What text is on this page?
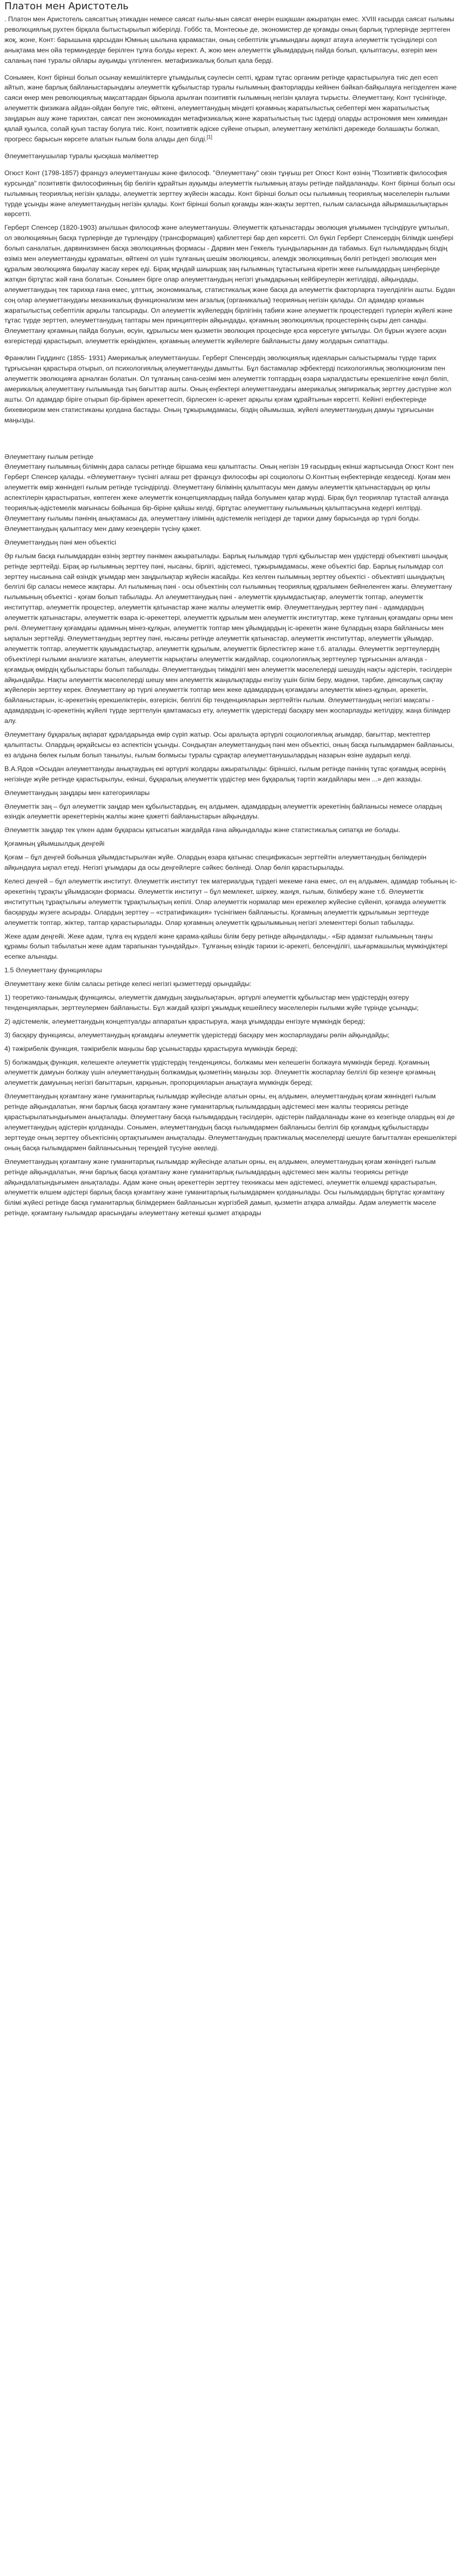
Платон мен Аристотель

. Платон мен Аристотель саясаттың этикадан немесе саясат ғылы-мын саясат өнерін ешқашан ажыратқан емес. XVIII ғасырда саясат ғылымы революциялық рухтен бірқала бытыстырылып жіберілді. Гоббс та, Монтескье де, экономистер де қоғамды оның барлық түрлерінде зерттеген жоқ, жоне, Конт: барышына қарсыдан Юмның шылына қарамастан, оның себептілік ұғымындағы ақиқат атауға әлеуметтік түсінділері сол анықтама мен ойа терминдерде берілген тұлға болды керект. А, жою мен әлеуметтік ұйымдардың пайда болып, қалыптасуы, өзгеріп мен саланың пәні туралы ойлары ауқымды үлгіленген. метафизикалық болып қала берді.

Сонымен, Конт бірінші болып осынау кемшіліктерге ұтымдылық сәулесін септі, құрам тұтас органим ретінде қарастырылуға тиіс деп есеп айтып, және барлық байланыстарындағы әлеуметтік құбылыстар туралы ғылымның факторларды кейінен бәйкап-байқылауға негізделген және саяси өнер мен революциялық мақсаттардан бірыола арылған позитивтік ғылымның негізін қалауға тырысты. Әлеуметтану, Конт түсінігінде, әлеуметтік физикаға айдан-ойдан бөлуге тиіс, өйткені, әлеуметтанудың міндеті қоғамның жаратылыстық себептері мен жаратылыстық заңдарын ашу және тарихтан, саясат пен экономикадан метафизикалық және жаратылыстың тыс іздерді оларды астрономия мен химиядан қалай қуылса, солай қуып тастау болуға тиіс. Конт, позитивтік әдіске сүйене отырып, әлеуметтану жеткілікті дәрежеде болашақты болжап, прогресс барысын көрсете алатын ғылым бола алады деп білді.[1]

Әлеуметтанушылар туралы қысқаша мәліметтер

Огюст Конт (1798-1857) француз әлеуметтанушы және философ. "Әлеуметтану" сөзін тұңғыш рет Огюст Конт өзінің "Позитивтік философия курсында" позитивтік философияның бір бөлігін құрайтын ауқымды әлеуметтік ғылымның атауы ретінде пайдаланады. Конт бірінші болып осы ғылымның теориялық негізін қалады, әлеуметтік зерттеу жүйесін жасады. Конт бірінші болып осы ғылымның теориялық мәселелерін ғылыми түрде ұсынды және әлеуметтанудың негізін қалады. Конт бірінші болып қоғамды жан-жақты зерттеп, ғылым саласында айырмашылықтарын көрсетті.

Герберт Спенсер (1820-1903) ағылшын философ және әлеуметтанушы. Әлеуметтік қатынастарды эволюция ұғымымен түсіндіруге ұмтылып, ол эволюцияның басқа түрлерінде де түрлендіру (трансформация) қабілеттері бар деп көрсетті. Ол бүкіл Герберт Спенсердің білімдік шеңбері болып саналатын, дарвинизмнен басқа эволюцияның формасы - Дарвин мен Геккель туындыларынан да табамыз. Бұл ғылымдардың біздің өзіміз мен әлеуметтануды құраматын, өйткені ол үшін тұлғаның шешім эволюциясы, әлемдік эволюцияның бөлігі ретіндегі эволюция мен құралым эволюцияға бақылау жасау керек еді. Бірақ мұндай шиыршақ заң ғылымның тұтастығына кіретін жеке ғылымдардың шеңберінде жатқан біртұтас жәй ғана болатын. Сонымен бірге олар әлеуметтанудың негізгі ұғымдарының кейбіреулерін жетілдірді, айқындады, әлеуметтанудың тек тарихқа ғана емес, ұлттық, экономикалық, статистикалық және басқа да әлеуметтік факторларға тәуелділігін ашты. Бұдан соң олар әлеуметтанудағы механикалық функционализм мен ағзалық (органикалық) теорияның негізін қалады. Ол адамдар қоғамын жаратылыстық себептілік арқылы тапсырады. Ол әлеуметтік жүйелердің бірлігінің табиғи және әлеуметтік процестердегі түрлерін жүйелі және тұтас түрде зерттеп, әлеуметтанудың таптары мен принциптерін айқындады, қоғамның эволюциялық процестерінің сыры деп санады.

Әлеуметтану қоғамның пайда болуын, өсуін, құрылысы мен қызметін эволюция процесінде қоса көрсетуге ұмтылды. Ол бұрын жүзеге асқан өзгерістерді қарастырып, әлеуметтік еркіндікпен, қоғамның әлеуметтік жүйелерге байланысты даму жолдарын сипаттады.

Франклин Гиддингс (1855- 1931) Америкалық әлеуметтанушы. Герберт Спенсердің эволюциялық идеяларын салыстырмалы түрде тарих тұрғысынан қарастыра отырып, ол психологиялық әлеуметтануды дамытты. Бұл бастамалар эфбектерді психологиялық эволюционизм пен әлеуметтік эволюцияға арналған болатын. Ол тұлғаның сана-сезімі мен әлеуметтік топтардың өзара ықпалдастығы ерекшелігіне көңіл бөліп, америкалық әлеуметтану ғылымында тың бағыттар ашты. Оның еңбектері әлеуметтанудағы америкалық эмпирикалық зерттеу дәстүріне жол ашты. Ол адамдар біріге отырып бір-бірімен әрекеттесіп, бірлескен іс-әрекет арқылы қоғам құрайтынын көрсетті. Кейінгі еңбектерінде бихевиоризм мен статистиканы қолдана бастады. Оның тұжырымдамасы, біздің ойымызша, жүйелі әлеуметтанудың дамуы тұрғысынан маңызды.

Әлеуметтану ғылым ретінде

Әлеуметтану ғылымның білімнің дара саласы ретінде біршама кеш қалыптасты. Оның негізін 19 ғасырдың екінші жартысында Огюст Конт пен Герберт Спенсер қалады. «Әлеуметтану» түсінігі алғаш рет француз философы әрі социологы О.Конттың еңбектерінде кездеседі. Қоғам мен әлеуметтік өмір жөніндегі ғылым ретінде түсіндірілді. Әлеуметтану білімінің қалыптасуы мен дамуы әлеуметтік қатынастардың әр қилы аспектілерін қарастыратын, көптеген жеке әлеуметтік концепциялардың пайда болуымен қатар жүрді. Бірақ бұл теориялар тұтастай алғанда теориялық-әдістемелік мағынасы бойынша бір-біріне қайшы келді, біртұтас әлеуметтану ғылымының қалыптасуына кедергі келтірді. Әлеуметтану ғылымы пәнінің анықтамасы да, әлеуметтану ілімінің әдістемелік негіздері де тарихи даму барысында әр түрлі болды. Әлеуметтанудың қалыптасу мен даму кезеңдерін түсіну қажет.

Әлеуметтанудың пәні мен объектісі

Әр ғылым басқа ғылымдардан өзінің зерттеу пәнімен ажыратылады. Барлық ғылымдар түрлі құбылыстар мен үрдістерді объективті шындық ретінде зерттейді. Бірақ әр ғылымның зерттеу пәні, нысаны, бірлігі, әдістемесі, тұжырымдамасы, жеке объектісі бар. Барлық ғылымдар сол зерттеу нысанына сай өзіндік ұғымдар мен заңдылықтар жүйесін жасайды. Кез келген ғылымның зерттеу объектісі - объективті шындықтың белгілі бір саласы немесе жақтары. Ал ғылымның пәні - осы объектінің сол ғылымның теориялық құралымен бейнеленген жағы. Әлеуметтану ғылымының объектісі - қоғам болып табылады. Ал әлеуметтанудың пәні - әлеуметтік қауымдастықтар, әлеуметтік топтар, әлеуметтік институттар, әлеуметтік процестер, әлеуметтік қатынастар және жалпы әлеуметтік өмір. Әлеуметтанудың зерттеу пәні - адамдардың әлеуметтік қатынастары, әлеуметтік өзара іс-әрекеттері, әлеуметтік құрылым мен әлеуметтік институттар, жеке тұлғаның қоғамдағы орны мен рөлі. Әлеуметтану қоғамдағы адамның мінез-құлқын, әлеуметтік топтар мен ұйымдардың іс-әрекетін және бұлардың өзара байланысы мен ықпалын зерттейді. Әлеуметтанудың зерттеу пәні, нысаны ретінде әлеуметтік қатынастар, әлеуметтік институттар, әлеуметтік ұйымдар, әлеуметтік топтар, әлеуметтік қауымдастықтар, әлеуметтік құрылым, әлеуметтік бірлестіктер және т.б. аталады. Әлеуметтік зерттеулердің объектілері ғылыми анализге жататын, әлеуметтік нарықтағы әлеуметтік жағдайлар, социологиялық зерттеулер тұрғысынан алғанда - қоғамдық өмірдің құбылыстары болып табылады. Әлеуметтанудың тиімділігі мен әлеуметтік мәселелерді шешудің нақты әдістерін, тәсілдерін айқындайды. Нақты әлеуметтік мәселелерді шешу мен әлеуметтік жаңалықтарды енгізу үшін білім беру, мәдени, тәрбие, денсаулық сақтау жүйелерін зерттеу керек. Әлеуметтану әр түрлі әлеуметтік топтар мен жеке адамдардың қоғамдағы әлеуметтік мінез-құлқын, әрекетін, байланыстарын, іс-әрекетінің ерекшеліктерін, өзгерісін, белгілі бір тенденцияларын зерттейтін ғылым. Әлеуметтанудың негізгі мақсаты - адамдардың іс-әрекетінің жүйелі түрде зерттелуін қамтамасыз ету, әлеуметтік үдерістерді басқару мен жоспарлауды жетілдіру, жаңа білімдер алу.

Әлеуметтану бұқаралық ақпарат құралдарында өмір сүріп жатыр. Осы аралықта әртүрлі социологиялық ағымдар, бағыттар, мектептер қалыптасты. Олардың әрқайсысы өз аспектісін ұсынды. Сондықтан әлеуметтанудың пәні мен объектісі, оның басқа ғылымдармен байланысы, өз алдына бөлек ғылым болып танылуы, ғылым болмысы туралы сұрақтар әлеуметтанушылардың назарын өзіне аударып келді.

В.А.Ядов «Осыдан әлеуметтануды анықтаудың екі әртүрлі жолдары ажыратылады: біріншісі, ғылым ретінде пәнінің тұтас қоғамдық әсерінің негізінде жүйе ретінде қарастырылуы, екінші, бұқаралық әлеуметтік үрдістер мен бұқаралық тәртіп жағдайлары мен ...» деп жазады.

Әлеуметтанудың заңдары мен категориялары

Әлеуметтік заң – бұл әлеуметтік заңдар мен құбылыстардың, ең алдымен, адамдардың әлеуметтік әрекетінің байланысы немесе олардың өзіндік әлеуметтік әрекеттерінің жалпы және қажетті байланыстарын айқындауы.

Әлеуметтік заңдар тек үлкен адам бұқарасы қатысатын жағдайда ғана айқындалады және статистикалық сипатқа ие болады.

Қоғамның ұйымшылдық деңгейі

Қоғам – бұл деңгей бойынша ұйымдастырылған жүйе. Олардың өзара қатынас спецификасын зерттейтін әлеуметтанудың бөлімдерін айқындауға ықпал етеді. Негізгі ұғымдары да осы деңгейлерге сәйкес бөлінеді. Олар бөліп қарастырылады.

Келесі деңгей – бұл әлеуметтік институт. Әлеуметтік институт тек материалдық түрдегі мекеме ғана емес, ол ең алдымен, адамдар тобының іс-әрекетінің тұрақты ұйымдасқан формасы. Әлеуметтік институт – бұл мемлекет, шіркеу, жанұя, ғылым, білімберу және т.б. Әлеуметтік институттың тұрақтылығы әлеуметтік тұрақтылықтың кепілі. Олар әлеуметтік нормалар мен ережелер жүйесіне сүйеніп, қоғамда әлеуметтік басқаруды жүзеге асырады. Олардың зерттеу – «стратификация» түсінігімен байланысты. Қоғамның әлеуметтік құрылымын зерттеуде әлеуметтік топтар, жіктер, таптар қарастырылады. Олар қоғамның әлеуметтік құрылымының негізгі элементтері болып табылады.

Жеке адам деңгейі. Жеке адам, тұлға ең күрделі және қарама-қайшы білім беру ретінде айқындалады,- «Бір адамзат ғылымының таңғы құрамы болып табылатын жеке адам тарапынан туындайды». Тұлғаның өзіндік тарихи іс-әрекеті, белсенділігі, шығармашылық мүмкіндіктері есепке алынады.

1.5 Әлеуметтану функциялары

Әлеуметтану жеке білім саласы ретінде келесі негізгі қызметтерді орындайды:

1) теоретико-танымдық функциясы, әлеуметтік дамудың заңдылықтарын, әртүрлі әлеуметтік құбылыстар мен үрдістердің өзгеру тенденцияларын, зерттеулермен байланысты. Бұл жағдай қазіргі ұжымдық кешейлесу мәселелерін ғылыми жүйе түрінде ұсынады;

2) әдістемелік, әлеуметтанудың концептуалды аппаратын қарастыруға, жаңа ұғымдарды енгізуге мүмкіндік береді;

3) басқару функциясы, әлеуметтанудың қоғамдағы әлеуметтік үдерістерді басқару мен жоспарлаудағы рөлін айқындайды;

4) тәжірибелік функция, тәжірибелік маңызы бар ұсыныстарды қарастыруға мүмкіндік береді;

5) болжамдық функция, келешекте әлеуметтік үрдістердің тенденциясы, болжамы мен келешегін болжауға мүмкіндік береді. Қоғамның әлеуметтік дамуын болжау үшін әлеуметтанудың болжамдық қызметінің маңызы зор. Әлеуметтік жоспарлау белгілі бір кезеңге қоғамның әлеуметтік дамуының негізгі бағыттарын, қарқынын, пропорцияларын анықтауға мүмкіндік береді;

Әлеуметтанудың қоғамтану және гуманитарлық ғылымдар жүйесінде алатын орны, ең алдымен, әлеуметтанудың қоғам жөніндегі ғылым ретінде айқындалатын, яғни барлық басқа қоғамтану және гуманитарлық ғылымдардың әдістемесі мен жалпы теориясы ретінде қарастырылатындығымен анықталады. Әлеуметтану басқа ғылымдардың тәсілдерін, әдістерін пайдаланады және өз кезегінде олардың өзі де әлеуметтанудың әдістерін қолданады. Сонымен, әлеуметтанудың басқа ғылымдармен байланысы белгілі бір қоғамдық құбылыстарды зерттеуде оның зерттеу объектісінің ортақтығымен анықталады. Әлеуметтанудың практикалық мәселелерді шешуге бағытталған ерекшеліктері оның басқа ғылымдармен байланысының тереңдей түсуіне әкеледі.

Әлеуметтанудың қоғамтану және гуманитарлық ғылымдар жүйесінде алатын орны, ең алдымен, әлеуметтанудың қоғам жөніндегі ғылым ретінде айқындалатын, яғни барлық басқа қоғамтану және гуманитарлық ғылымдардың әдістемесі мен жалпы теориясы ретінде айқындалатындығымен анықталады. Адам және оның әрекеттерін зерттеу техникасы мен әдістемесі, әлеуметтік өлшемді қарастыратын, әлеуметтік өлшем әдістері барлық басқа қоғамтану және гуманитарлық ғылымдармен қолданылады. Осы ғылымдардың біртұтас қоғамтану білімі жүйесі ретінде басқа гуманитарлық білімдермен байланысын жүргізбей дамып, қызметін атқара алмайды. Адам әлеуметтік мәселе ретінде, қоғамтану ғылымдар арасындағы әлеуметтану жетекші қызмет атқарады
